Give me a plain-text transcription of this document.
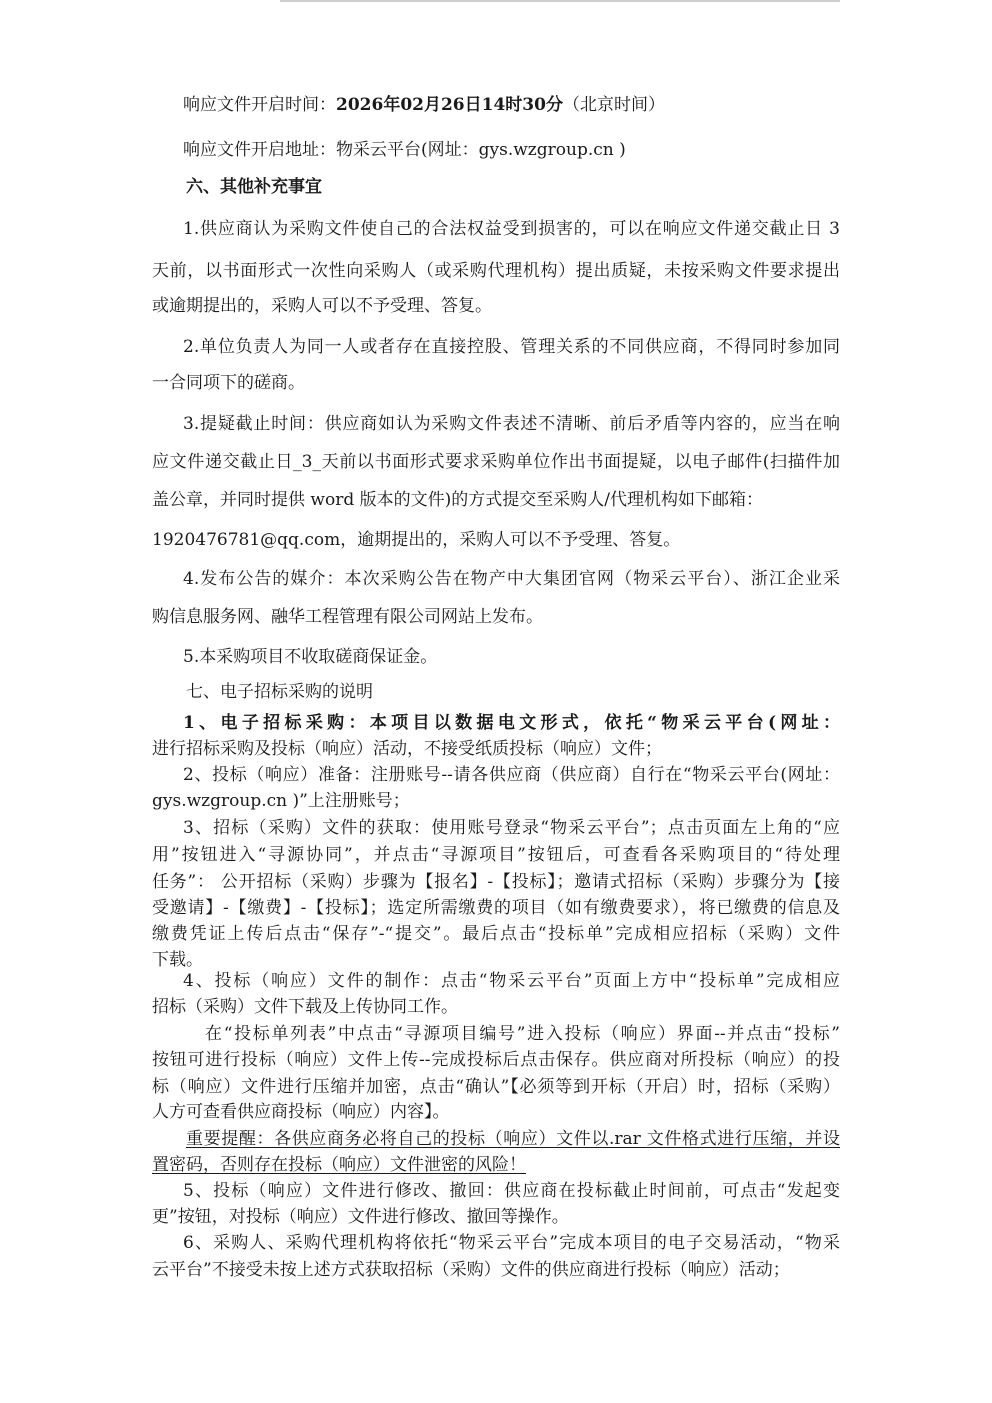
响应文件开启时间：2026年02月26日14时30分（北京时间）
响应文件开启地址：物采云平台(网址：gys.wzgroup.cn )
六、其他补充事宜
1.供应商认为采购文件使自己的合法权益受到损害的，可以在响应文件递交截止日 3
天前，以书面形式一次性向采购人（或采购代理机构）提出质疑，未按采购文件要求提出
或逾期提出的，采购人可以不予受理、答复。
2.单位负责人为同一人或者存在直接控股、管理关系的不同供应商，不得同时参加同
一合同项下的磋商。
3.提疑截止时间：供应商如认为采购文件表述不清晰、前后矛盾等内容的，应当在响
应文件递交截止日_3_天前以书面形式要求采购单位作出书面提疑，以电子邮件(扫描件加
盖公章，并同时提供 word 版本的文件)的方式提交至采购人/代理机构如下邮箱：
1920476781@qq.com，逾期提出的，采购人可以不予受理、答复。
4.发布公告的媒介：本次采购公告在物产中大集团官网（物采云平台）、浙江企业采
购信息服务网、融华工程管理有限公司网站上发布。
5.本采购项目不收取磋商保证金。
七、电子招标采购的说明
1、电子招标采购：本项目以数据电文形式，依托“物采云平台(网址：
进行招标采购及投标（响应）活动，不接受纸质投标（响应）文件；
2、投标（响应）准备：注册账号--请各供应商（供应商）自行在“物采云平台(网址：
gys.wzgroup.cn )”上注册账号；
3、招标（采购）文件的获取：使用账号登录“物采云平台”；点击页面左上角的“应
用”按钮进入“寻源协同”，并点击“寻源项目”按钮后，可查看各采购项目的“待处理
任务”： 公开招标（采购）步骤为【报名】-【投标】；邀请式招标（采购）步骤分为【接
受邀请】-【缴费】-【投标】；选定所需缴费的项目（如有缴费要求），将已缴费的信息及
缴费凭证上传后点击“保存”-“提交”。最后点击“投标单”完成相应招标（采购）文件
下载。
4、投标（响应）文件的制作：点击“物采云平台”页面上方中“投标单”完成相应
招标（采购）文件下载及上传协同工作。
在“投标单列表”中点击“寻源项目编号”进入投标（响应）界面--并点击“投标”
按钮可进行投标（响应）文件上传--完成投标后点击保存。供应商对所投标（响应）的投
标（响应）文件进行压缩并加密，点击“确认”【必须等到开标（开启）时，招标（采购）
人方可查看供应商投标（响应）内容】。
重要提醒：各供应商务必将自己的投标（响应）文件以.rar 文件格式进行压缩，并设
置密码，否则存在投标（响应）文件泄密的风险！
5、投标（响应）文件进行修改、撤回：供应商在投标截止时间前，可点击“发起变
更”按钮，对投标（响应）文件进行修改、撤回等操作。
6、采购人、采购代理机构将依托“物采云平台”完成本项目的电子交易活动，“物采
云平台”不接受未按上述方式获取招标（采购）文件的供应商进行投标（响应）活动；
